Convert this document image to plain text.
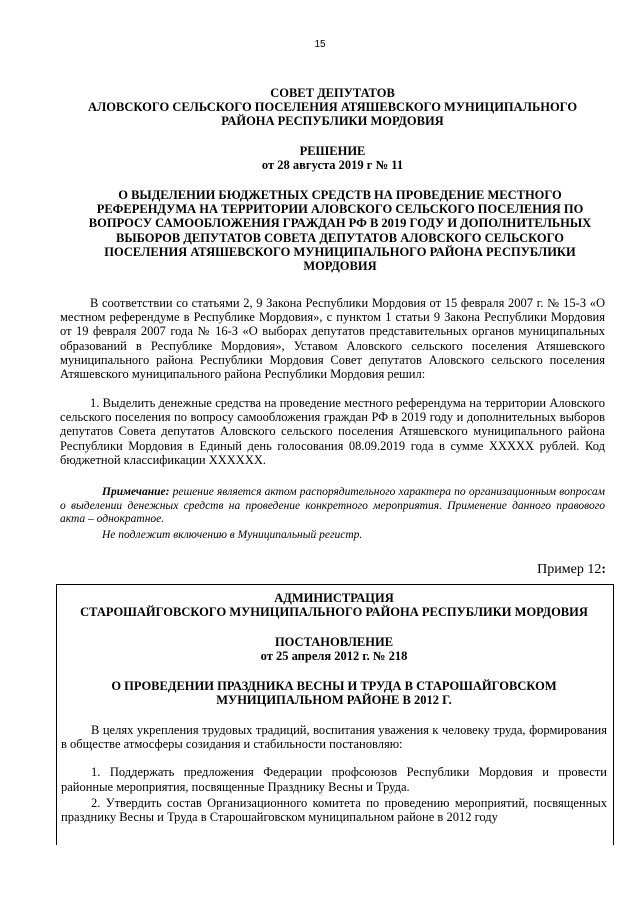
15
СОВЕТ ДЕПУТАТОВ
АЛОВСКОГО СЕЛЬСКОГО ПОСЕЛЕНИЯ АТЯШЕВСКОГО МУНИЦИПАЛЬНОГО
РАЙОНА РЕСПУБЛИКИ МОРДОВИЯ
РЕШЕНИЕ
от 28 августа 2019 г № 11
О ВЫДЕЛЕНИИ БЮДЖЕТНЫХ СРЕДСТВ НА ПРОВЕДЕНИЕ МЕСТНОГО РЕФЕРЕНДУМА НА ТЕРРИТОРИИ АЛОВСКОГО СЕЛЬСКОГО ПОСЕЛЕНИЯ ПО ВОПРОСУ САМООБЛОЖЕНИЯ ГРАЖДАН РФ В 2019 ГОДУ И ДОПОЛНИТЕЛЬНЫХ ВЫБОРОВ ДЕПУТАТОВ СОВЕТА ДЕПУТАТОВ АЛОВСКОГО СЕЛЬСКОГО ПОСЕЛЕНИЯ АТЯШЕВСКОГО МУНИЦИПАЛЬНОГО РАЙОНА РЕСПУБЛИКИ МОРДОВИЯ

В соответствии со статьями 2, 9 Закона Республики Мордовия от 15 февраля 2007 г. № 15-З «О местном референдуме в Республике Мордовия», с пунктом 1 статьи 9 Закона Республики Мордовия от 19 февраля 2007 года № 16-З «О выборах депутатов представительных органов муниципальных образований в Республике Мордовия», Уставом Аловского сельского поселения Атяшевского муниципального района Республики Мордовия Совет депутатов Аловского сельского поселения Атяшевского муниципального района Республики Мордовия решил:

1. Выделить денежные средства на проведение местного референдума на территории Аловского сельского поселения по вопросу самообложения граждан РФ в 2019 году и дополнительных выборов депутатов Совета депутатов Аловского сельского поселения Атяшевского муниципального района Республики Мордовия в Единый день голосования 08.09.2019 года в сумме XXXXX рублей. Код бюджетной классификации XXXXXX.

Примечание: решение является актом распорядительного характера по организационным вопросам о выделении денежных средств на проведение конкретного мероприятия. Применение данного правового акта – однократное.

Не подлежит включению в Муниципальный регистр.

Пример 12:
АДМИНИСТРАЦИЯ
СТАРОШАЙГОВСКОГО МУНИЦИПАЛЬНОГО РАЙОНА РЕСПУБЛИКИ МОРДОВИЯ
ПОСТАНОВЛЕНИЕ
от 25 апреля 2012 г. № 218
О ПРОВЕДЕНИИ ПРАЗДНИКА ВЕСНЫ И ТРУДА В СТАРОШАЙГОВСКОМ
МУНИЦИПАЛЬНОМ РАЙОНЕ В 2012 Г.

В целях укрепления трудовых традиций, воспитания уважения к человеку труда, формирования в обществе атмосферы созидания и стабильности постановляю:

1. Поддержать предложения Федерации профсоюзов Республики Мордовия и провести районные мероприятия, посвященные Празднику Весны и Труда.

2. Утвердить состав Организационного комитета по проведению мероприятий, посвященных празднику Весны и Труда в Старошайговском муниципальном районе в 2012 году
